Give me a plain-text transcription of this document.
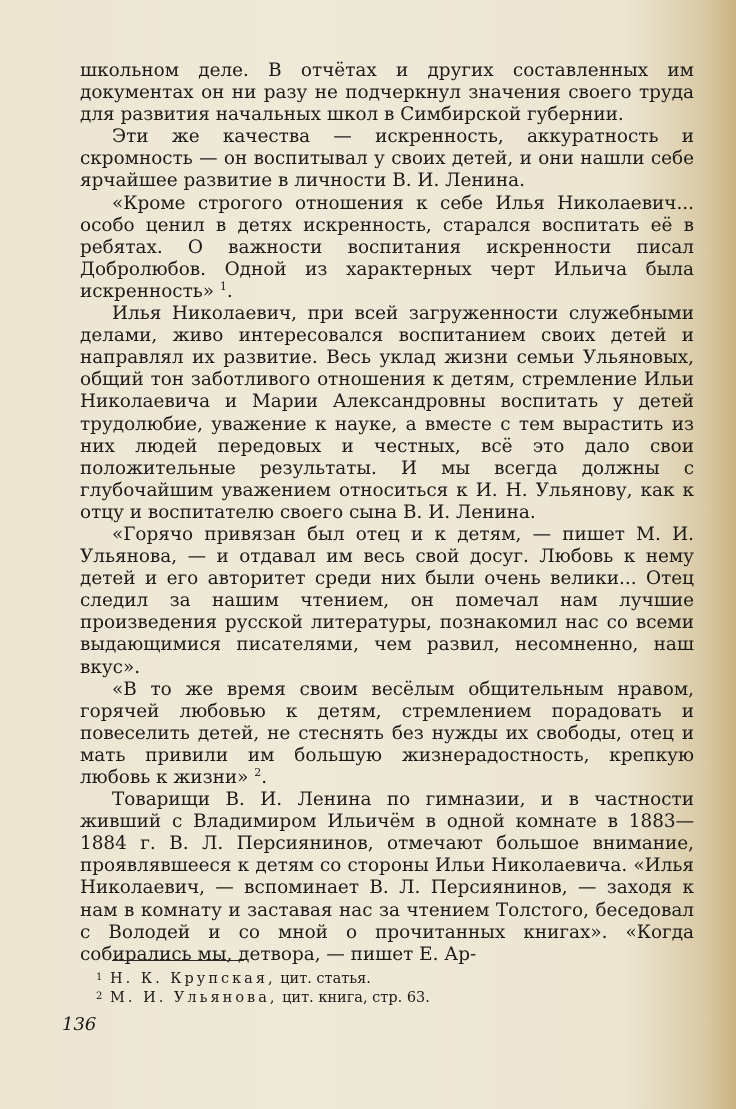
школьном деле. В отчётах и других составленных им документах он ни разу не подчеркнул значения своего труда для развития начальных школ в Симбирской губернии.

Эти же качества — искренность, аккуратность и скромность — он воспитывал у своих детей, и они нашли себе ярчайшее развитие в личности В. И. Ленина.

«Кроме строгого отношения к себе Илья Николаевич... особо ценил в детях искренность, старался воспитать её в ребятах. О важности воспитания искренности писал Добролюбов. Одной из характерных черт Ильича была искренность» $^1$.

Илья Николаевич, при всей загруженности служебными делами, живо интересовался воспитанием своих детей и направлял их развитие. Весь уклад жизни семьи Ульяновых, общий тон заботливого отношения к детям, стремление Ильи Николаевича и Марии Александровны воспитать у детей трудолюбие, уважение к науке, а вместе с тем вырастить из них людей передовых и честных, всё это дало свои положительные результаты. И мы всегда должны с глубочайшим уважением относиться к И. Н. Ульянову, как к отцу и воспитателю своего сына В. И. Ленина.

«Горячо привязан был отец и к детям, — пишет М. И. Ульянова, — и отдавал им весь свой досуг. Любовь к нему детей и его авторитет среди них были очень велики... Отец следил за нашим чтением, он помечал нам лучшие произведения русской литературы, познакомил нас со всеми выдающимися писателями, чем развил, несомненно, наш вкус».

«В то же время своим весёлым общительным нравом, горячей любовью к детям, стремлением порадовать и повеселить детей, не стеснять без нужды их свободы, отец и мать привили им большую жизнерадостность, крепкую любовь к жизни» $^2$.

Товарищи В. И. Ленина по гимназии, и в частности живший с Владимиром Ильичём в одной комнате в 1883—1884 г. В. Л. Персиянинов, отмечают большое внимание, проявлявшееся к детям со стороны Ильи Николаевича. «Илья Николаевич, — вспоминает В. Л. Персиянинов, — заходя к нам в комнату и заставая нас за чтением Толстого, беседовал с Володей и со мной о прочитанных книгах». «Когда собирались мы, детвора, — пишет Е. Ар-

1 Н. К. Крупская, цит. статья.

2 М. И. Ульянова, цит. книга, стр. 63.

136
